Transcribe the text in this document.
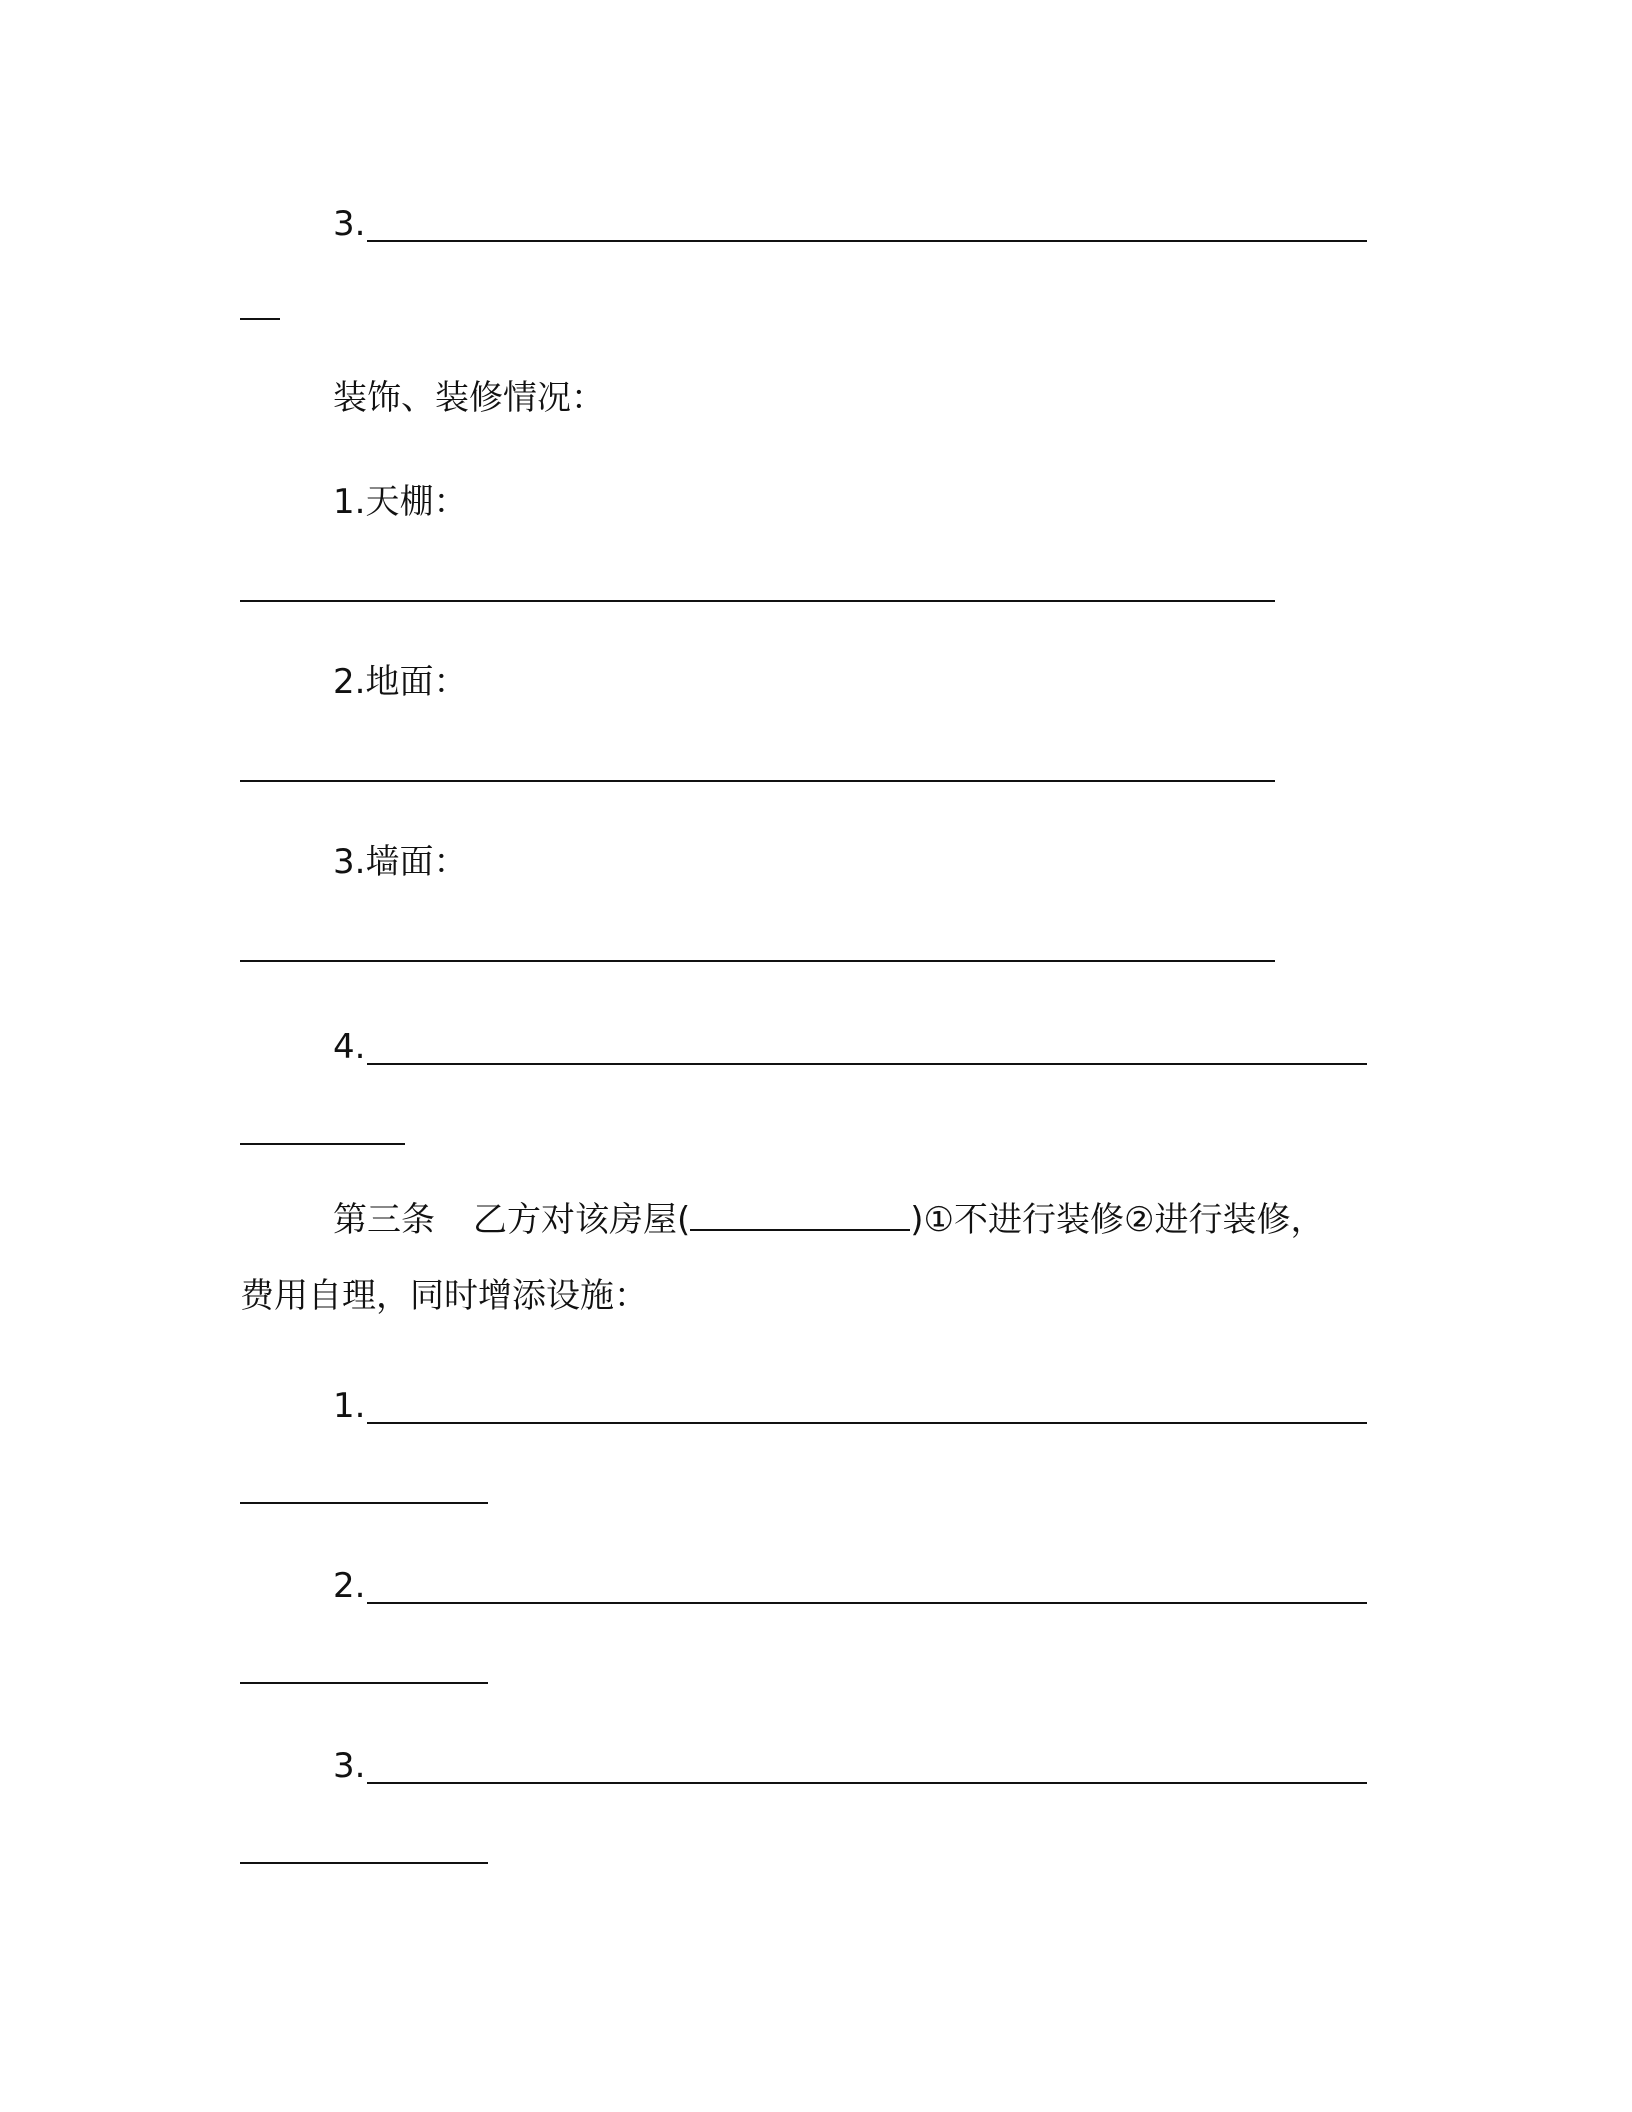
3.

装饰、装修情况：

1.天棚：

2.地面：

3.墙面：

4.

第三条 乙方对该房屋(	)①不进行装修②进行装修，

费用自理，同时增添设施：

1.

2.

3.
